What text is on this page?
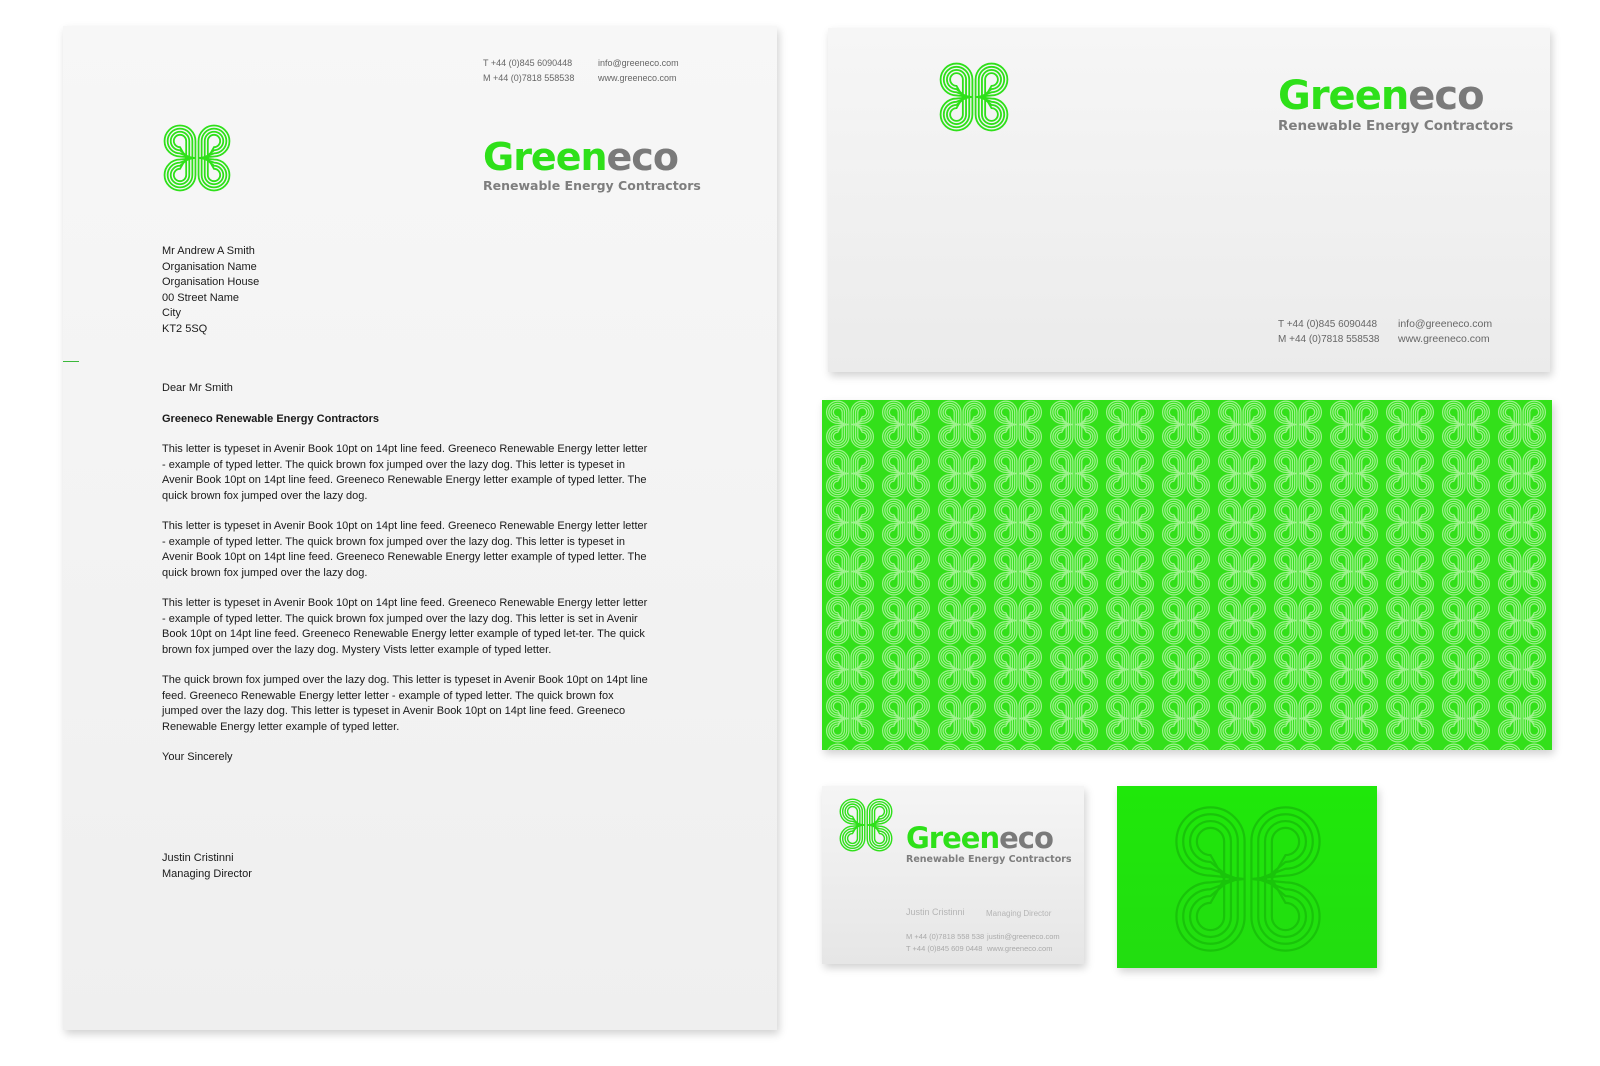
T +44 (0)845 6090448
M +44 (0)7818 558538
info@greeneco.com
www.greeneco.com
Greeneco
Renewable Energy Contractors
Mr Andrew A Smith
Organisation Name
Organisation House
00 Street Name
City
KT2 5SQ

Dear Mr Smith

Greeneco Renewable Energy Contractors

This letter is typeset in Avenir Book 10pt on 14pt line feed. Greeneco Renewable Energy letter letter - example of typed letter. The quick brown fox jumped over the lazy dog. This letter is typeset in Avenir Book 10pt on 14pt line feed. Greeneco Renewable Energy letter example of typed letter. The quick brown fox jumped over the lazy dog.

This letter is typeset in Avenir Book 10pt on 14pt line feed. Greeneco Renewable Energy letter letter - example of typed letter. The quick brown fox jumped over the lazy dog. This letter is typeset in Avenir Book 10pt on 14pt line feed. Greeneco Renewable Energy letter example of typed letter. The quick brown fox jumped over the lazy dog.

This letter is typeset in Avenir Book 10pt on 14pt line feed. Greeneco Renewable Energy letter letter - example of typed letter. The quick brown fox jumped over the lazy dog. This letter is set in Avenir Book 10pt on 14pt line feed. Greeneco Renewable Energy letter example of typed let-ter. The quick brown fox jumped over the lazy dog. Mystery Vists letter example of typed letter.

The quick brown fox jumped over the lazy dog. This letter is typeset in Avenir Book 10pt on 14pt line feed. Greeneco Renewable Energy letter letter - example of typed letter. The quick brown fox jumped over the lazy dog. This letter is typeset in Avenir Book 10pt on 14pt line feed. Greeneco Renewable Energy letter example of typed letter.

Your Sincerely

Justin Cristinni
Managing Director
Greeneco
Renewable Energy Contractors
T +44 (0)845 6090448
M +44 (0)7818 558538
info@greeneco.com
www.greeneco.com
Greeneco
Renewable Energy Contractors
Justin Cristinni	Managing Director
M +44 (0)7818 558 538
T +44 (0)845 609 0448
justin@greeneco.com
www.greeneco.com
